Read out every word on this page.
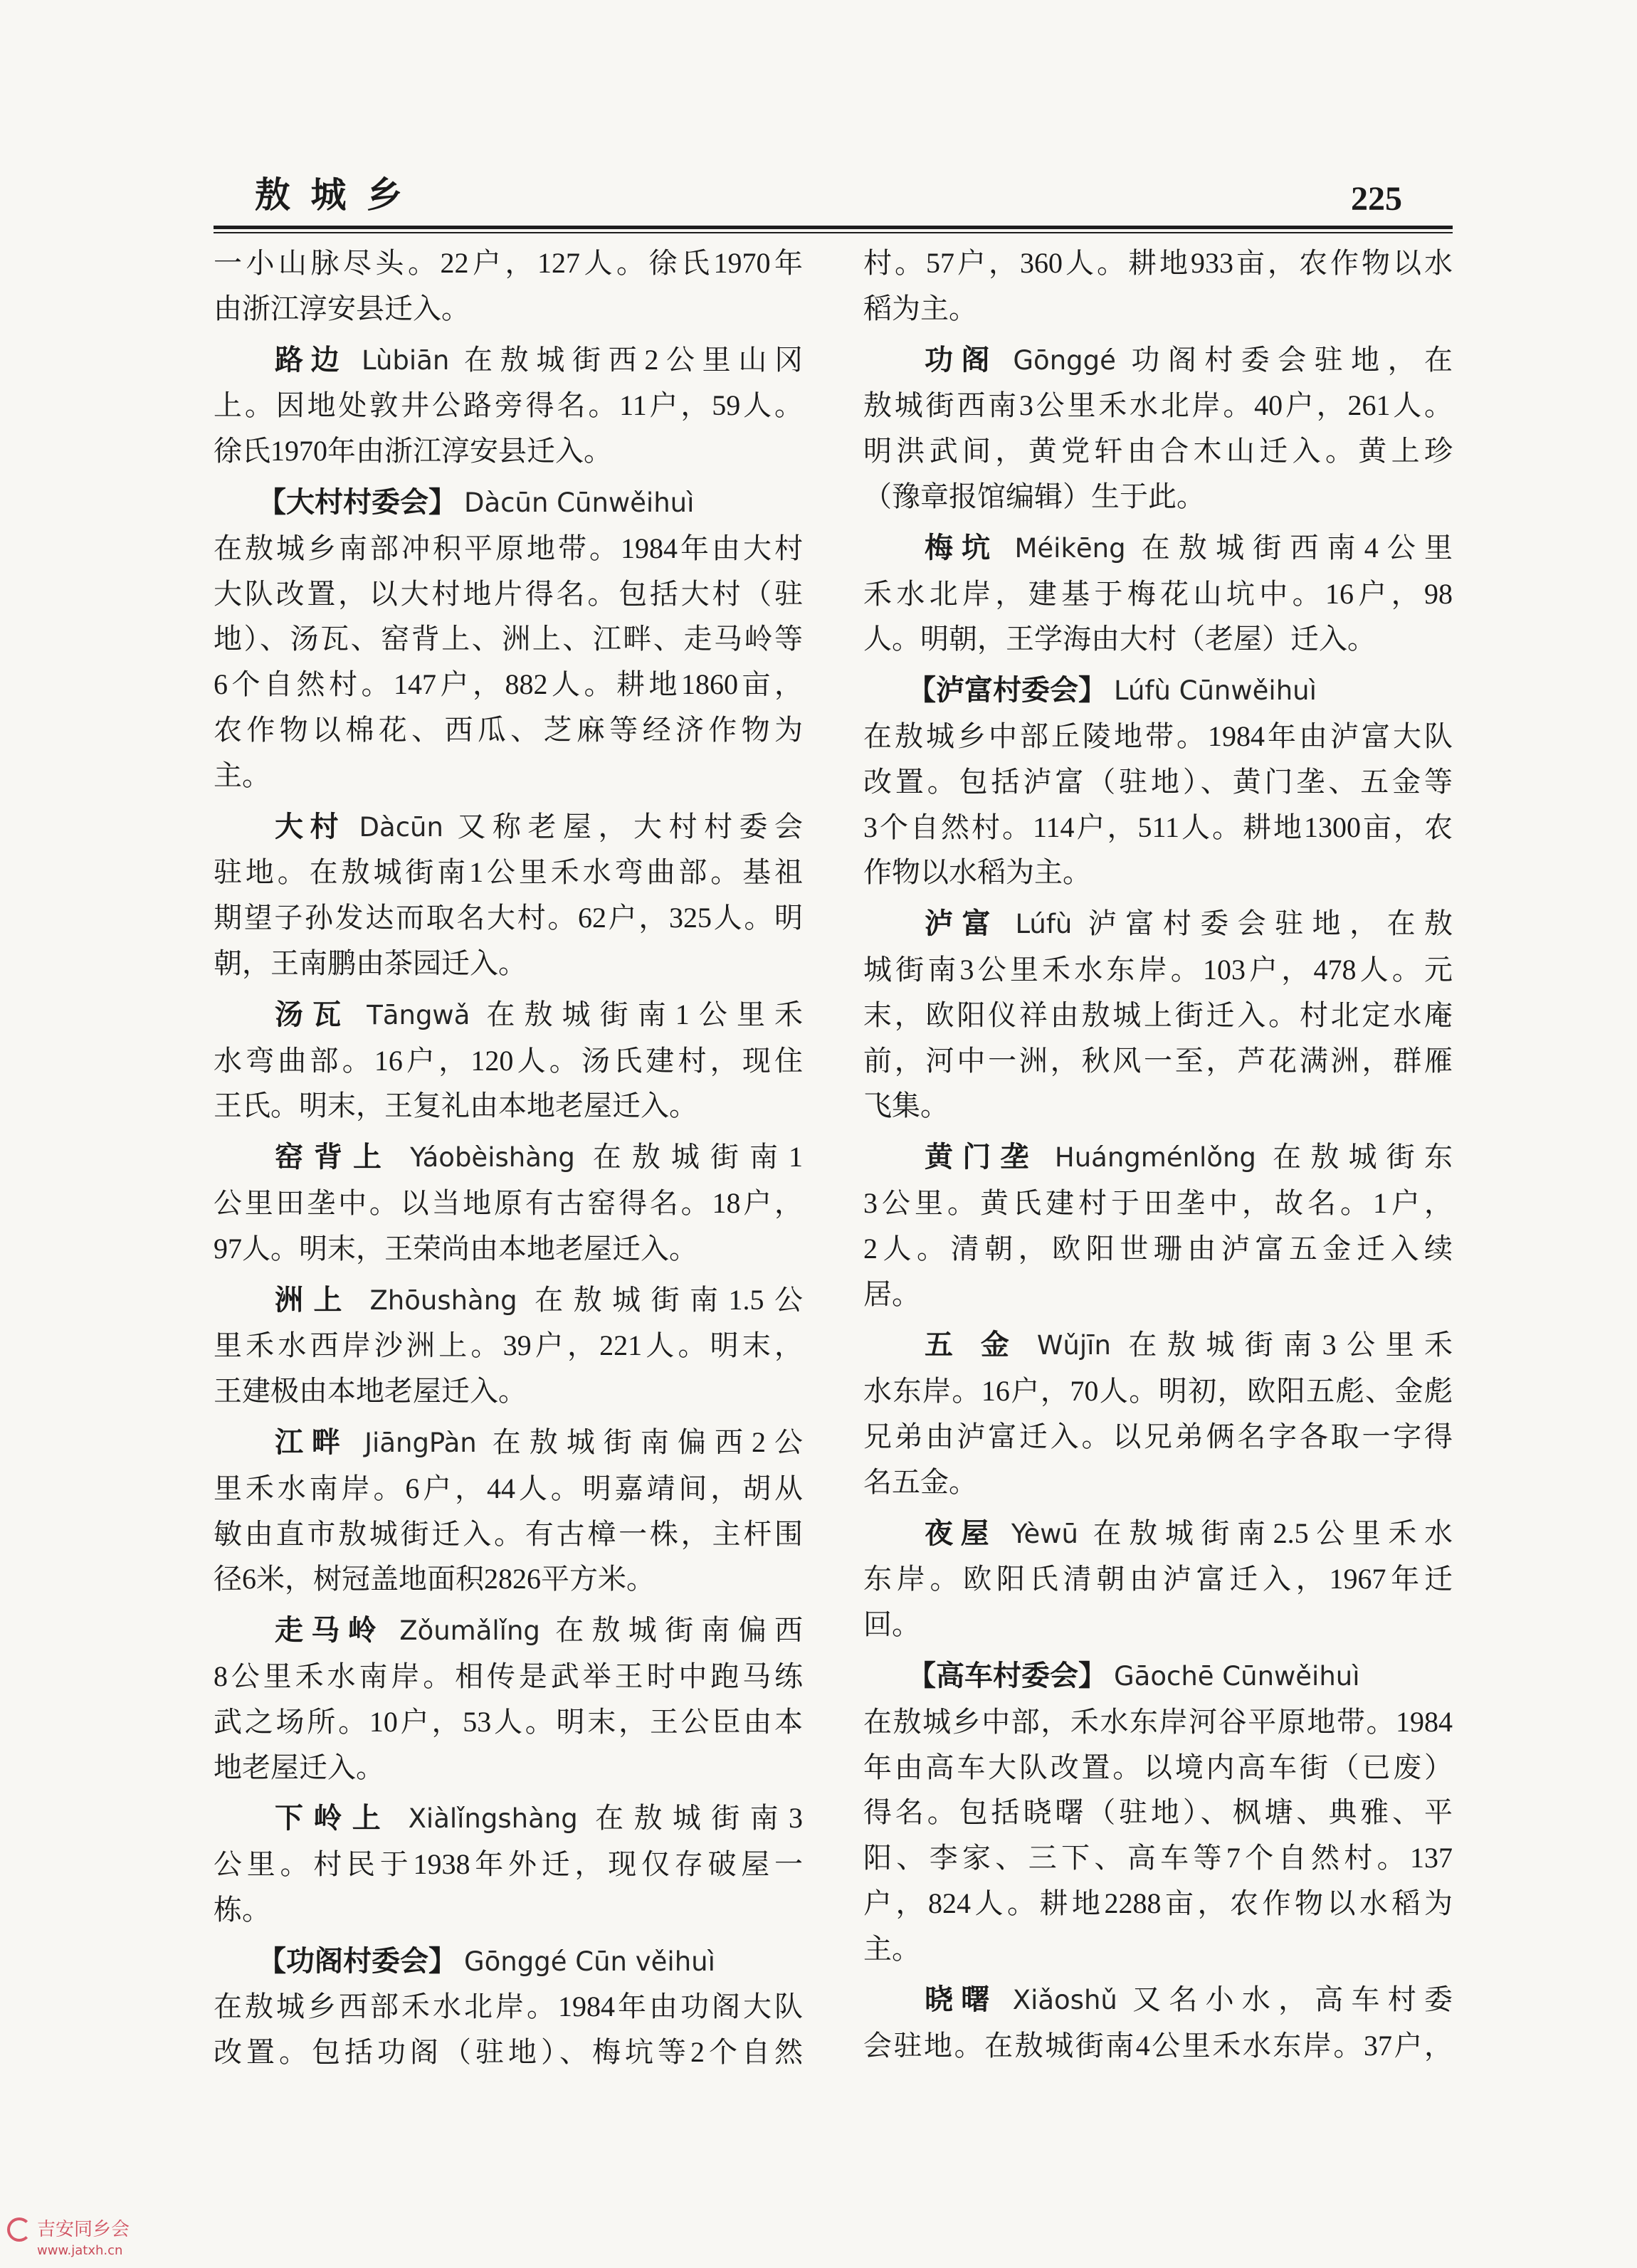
敖 城 乡	225
一小山脉尽头。22户，127人。徐氏1970年
由浙江淳安县迁入。
路边 Lùbiān 在敖城街西2公里山冈
上。因地处敦井公路旁得名。11户，59人。
徐氏1970年由浙江淳安县迁入。
【大村村委会】 Dàcūn Cūnwěihuì
在敖城乡南部冲积平原地带。1984年由大村
大队改置，以大村地片得名。包括大村（驻
地）、汤瓦、窑背上、洲上、江畔、走马岭等
6个自然村。147户，882人。耕地1860亩，
农作物以棉花、西瓜、芝麻等经济作物为
主。
大村 Dàcūn 又称老屋，大村村委会
驻地。在敖城街南1公里禾水弯曲部。基祖
期望子孙发达而取名大村。62户，325人。明
朝，王南鹏由茶园迁入。
汤瓦 Tāngwǎ 在敖城街南1公里禾
水弯曲部。16户，120人。汤氏建村，现住
王氏。明末，王复礼由本地老屋迁入。
窑背上 Yáobèishàng 在敖城街南1
公里田垄中。以当地原有古窑得名。18户，
97人。明末，王荣尚由本地老屋迁入。
洲上 Zhōushàng 在敖城街南1.5公
里禾水西岸沙洲上。39户，221人。明末，
王建极由本地老屋迁入。
江畔 JiāngPàn 在敖城街南偏西2公
里禾水南岸。6户，44人。明嘉靖间，胡从
敏由直市敖城街迁入。有古樟一株，主杆围
径6米，树冠盖地面积2826平方米。
走马岭 Zǒumǎlǐng 在敖城街南偏西
8公里禾水南岸。相传是武举王时中跑马练
武之场所。10户，53人。明末，王公臣由本
地老屋迁入。
下岭上 Xiàlǐngshàng 在敖城街南3
公里。村民于1938年外迁，现仅存破屋一
栋。
【功阁村委会】 Gōnggé Cūn věihuì
在敖城乡西部禾水北岸。1984年由功阁大队
改置。包括功阁（驻地）、梅坑等2个自然
村。57户，360人。耕地933亩，农作物以水
稻为主。
功阁 Gōnggé 功阁村委会驻地，在
敖城街西南3公里禾水北岸。40户，261人。
明洪武间，黄党轩由合木山迁入。黄上珍
（豫章报馆编辑）生于此。
梅坑 Méikēng 在敖城街西南4公里
禾水北岸，建基于梅花山坑中。16户，98
人。明朝，王学海由大村（老屋）迁入。
【泸富村委会】 Lúfù Cūnwěihuì
在敖城乡中部丘陵地带。1984年由泸富大队
改置。包括泸富（驻地）、黄门垄、五金等
3个自然村。114户，511人。耕地1300亩，农
作物以水稻为主。
泸富 Lúfù 泸富村委会驻地，在敖
城街南3公里禾水东岸。103户，478人。元
末，欧阳仪祥由敖城上街迁入。村北定水庵
前，河中一洲，秋风一至，芦花满洲，群雁
飞集。
黄门垄 Huángménlǒng 在敖城街东
3公里。黄氏建村于田垄中，故名。1户，
2人。清朝，欧阳世珊由泸富五金迁入续
居。
五 金 Wǔjīn 在敖城街南3公里禾
水东岸。16户，70人。明初，欧阳五彪、金彪
兄弟由泸富迁入。以兄弟俩名字各取一字得
名五金。
夜屋 Yèwū 在敖城街南2.5公里禾水
东岸。欧阳氏清朝由泸富迁入，1967年迁
回。
【高车村委会】 Gāochē Cūnwěihuì
在敖城乡中部，禾水东岸河谷平原地带。1984
年由高车大队改置。以境内高车街（已废）
得名。包括晓曙（驻地）、枫塘、典雅、平
阳、李家、三下、高车等7个自然村。137
户，824人。耕地2288亩，农作物以水稻为
主。
晓曙 Xiǎoshǔ 又名小水，高车村委
会驻地。在敖城街南4公里禾水东岸。37户，
吉安同乡会
www.jatxh.cn
